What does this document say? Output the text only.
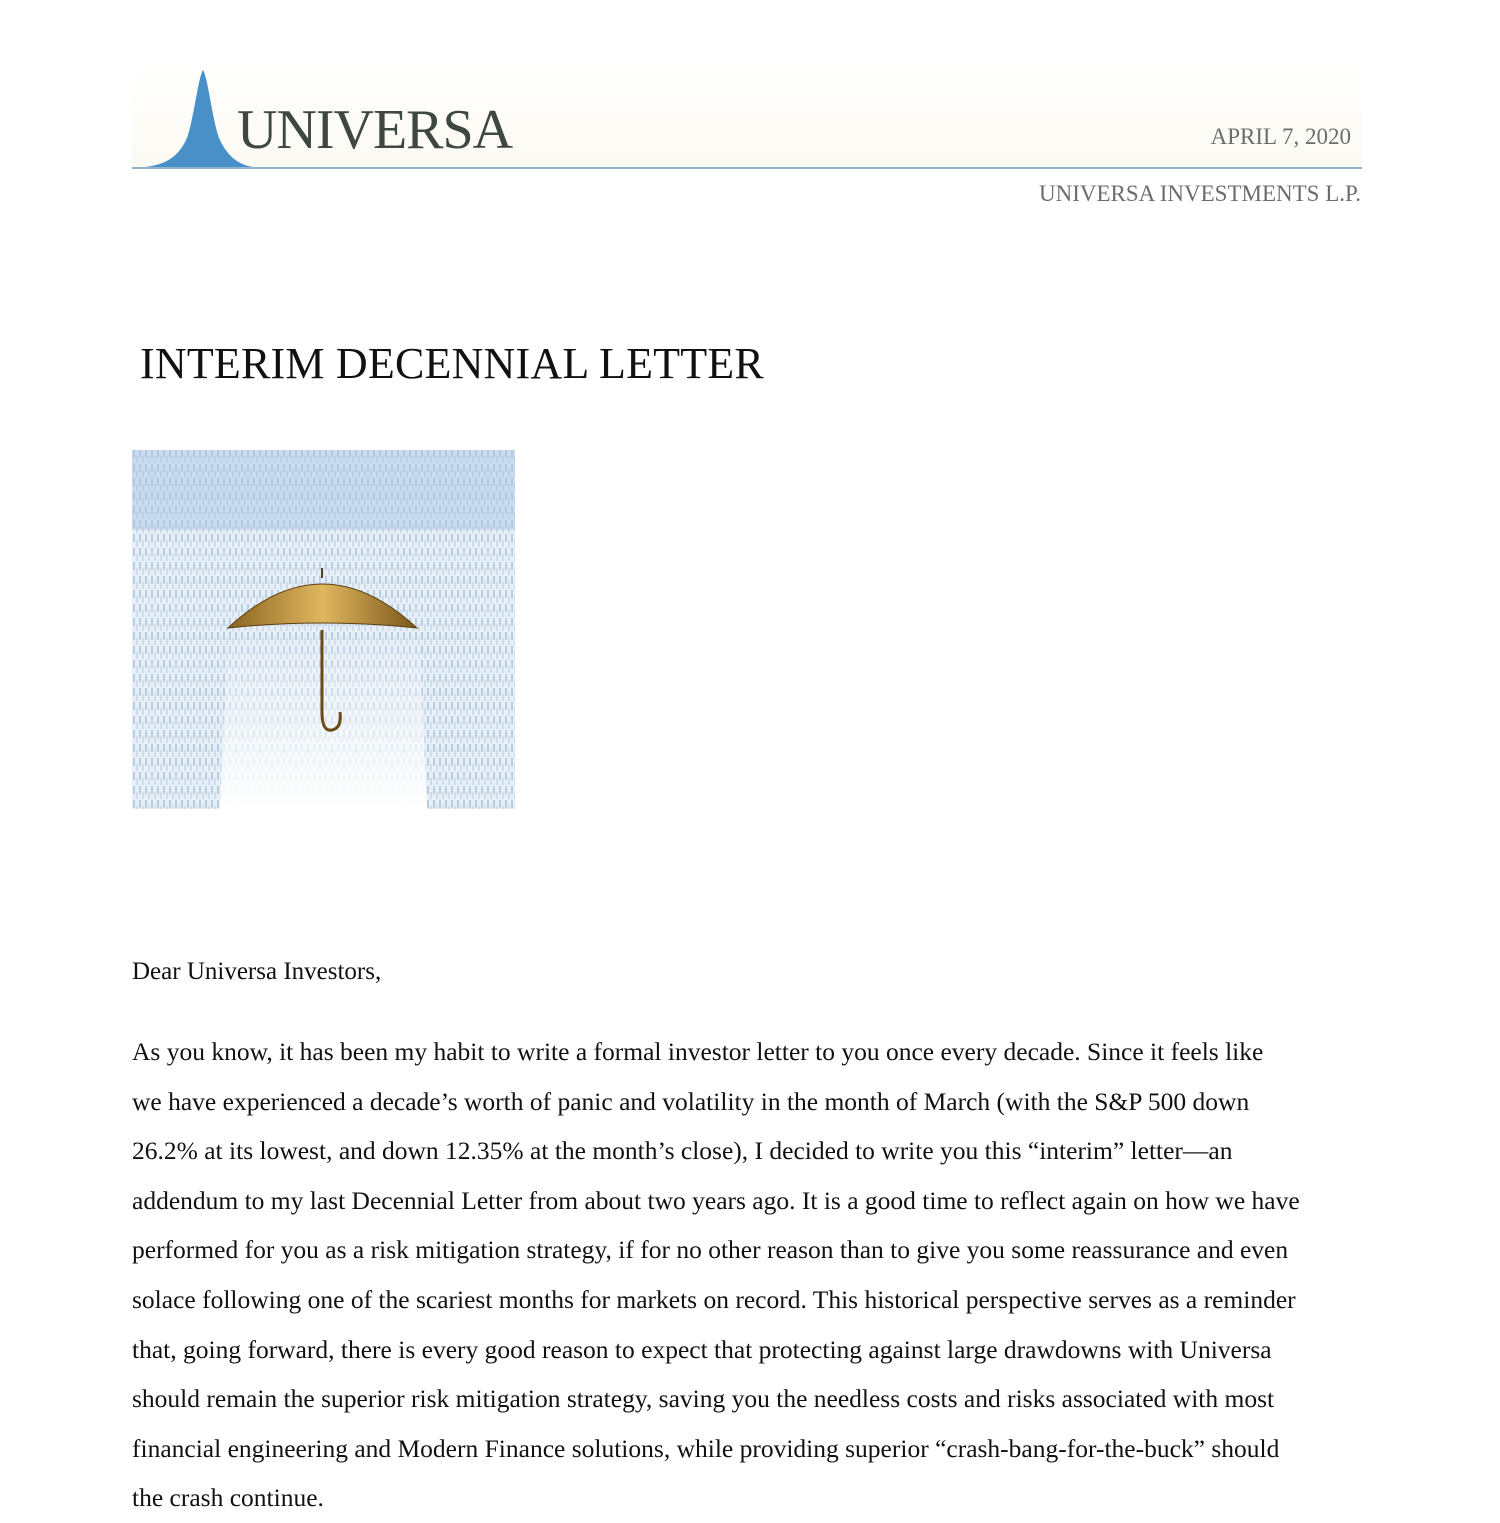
UNIVERSA	APRIL 7, 2020
UNIVERSA INVESTMENTS L.P.
INTERIM DECENNIAL LETTER
Dear Universa Investors,
As you know, it has been my habit to write a formal investor letter to you once every decade. Since it feels like
we have experienced a decade’s worth of panic and volatility in the month of March (with the S&P 500 down
26.2% at its lowest, and down 12.35% at the month’s close), I decided to write you this “interim” letter—an
addendum to my last Decennial Letter from about two years ago. It is a good time to reflect again on how we have
performed for you as a risk mitigation strategy, if for no other reason than to give you some reassurance and even
solace following one of the scariest months for markets on record. This historical perspective serves as a reminder
that, going forward, there is every good reason to expect that protecting against large drawdowns with Universa
should remain the superior risk mitigation strategy, saving you the needless costs and risks associated with most
financial engineering and Modern Finance solutions, while providing superior “crash-bang-for-the-buck” should
the crash continue.
